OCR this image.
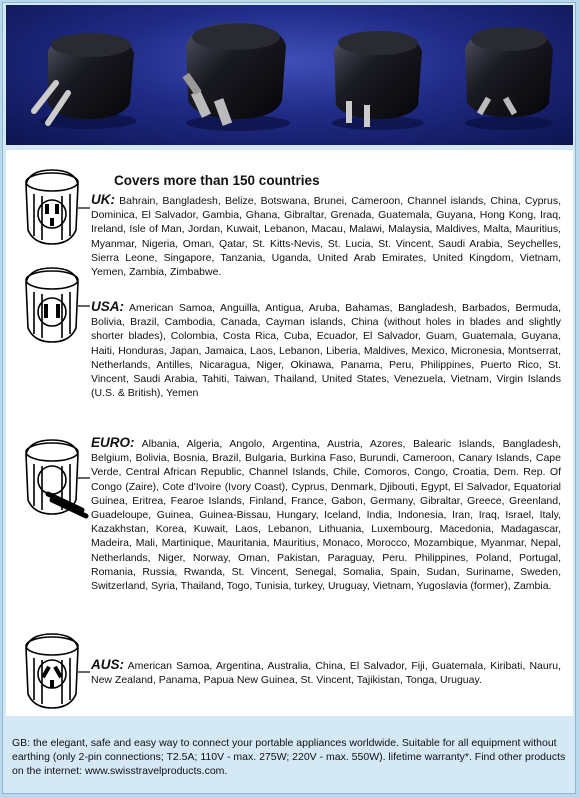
Covers more than 150 countries
UK: Bahrain, Bangladesh, Belize, Botswana, Brunei, Cameroon, Channel islands, China, Cyprus, Dominica, El Salvador, Gambia, Ghana, Gibraltar, Grenada, Guatemala, Guyana, Hong Kong, Iraq, Ireland, Isle of Man, Jordan, Kuwait, Lebanon, Macau, Malawi, Malaysia, Maldives, Malta, Mauritius, Myanmar, Nigeria, Oman, Qatar, St. Kitts-Nevis, St. Lucia, St. Vincent, Saudi Arabia, Seychelles, Sierra Leone, Singapore, Tanzania, Uganda, United Arab Emirates, United Kingdom, Vietnam, Yemen, Zambia, Zimbabwe.
USA: American Samoa, Anguilla, Antigua, Aruba, Bahamas, Bangladesh, Barbados, Bermuda, Bolivia, Brazil, Cambodia, Canada, Cayman islands, China (without holes in blades and slightly shorter blades), Colombia, Costa Rica, Cuba, Ecuador, El Salvador, Guam, Guatemala, Guyana, Haiti, Honduras, Japan, Jamaica, Laos, Lebanon, Liberia, Maldives, Mexico, Micronesia, Montserrat, Netherlands, Antilles, Nicaragua, Niger, Okinawa, Panama, Peru, Philippines, Puerto Rico, St. Vincent, Saudi Arabia, Tahiti, Taiwan, Thailand, United States, Venezuela, Vietnam, Virgin Islands (U.S. & British), Yemen
EURO: Albania, Algeria, Angolo, Argentina, Austria, Azores, Balearic Islands, Bangladesh, Belgium, Bolivia, Bosnia, Brazil, Bulgaria, Burkina Faso, Burundi, Cameroon, Canary Islands, Cape Verde, Central African Republic, Channel Islands, Chile, Comoros, Congo, Croatia, Dem. Rep. Of Congo (Zaire), Cote d'Ivoire (Ivory Coast), Cyprus, Denmark, Djibouti, Egypt, El Salvador, Equatorial Guinea, Eritrea, Fearoe Islands, Finland, France, Gabon, Germany, Gibraltar, Greece, Greenland, Guadeloupe, Guinea, Guinea-Bissau, Hungary, Iceland, India, Indonesia, Iran, Iraq, Israel, Italy, Kazakhstan, Korea, Kuwait, Laos, Lebanon, Lithuania, Luxembourg, Macedonia, Madagascar, Madeira, Mali, Martinique, Mauritania, Mauritius, Monaco, Morocco, Mozambique, Myanmar, Nepal, Netherlands, Niger, Norway, Oman, Pakistan, Paraguay, Peru. Philippines, Poland, Portugal, Romania, Russia, Rwanda, St. Vincent, Senegal, Somalia, Spain, Sudan, Suriname, Sweden, Switzerland, Syria, Thailand, Togo, Tunisia, turkey, Uruguay, Vietnam, Yugoslavia (former), Zambia.
AUS: American Samoa, Argentina, Australia, China, El Salvador, Fiji, Guatemala, Kiribati, Nauru, New Zealand, Panama, Papua New Guinea, St. Vincent, Tajikistan, Tonga, Uruguay.
GB: the elegant, safe and easy way to connect your portable appliances worldwide. Suitable for all equipment without earthing (only 2-pin connections; T2.5A; 110V - max. 275W; 220V - max. 550W). lifetime warranty*. Find other products on the internet: www.swisstravelproducts.com.
